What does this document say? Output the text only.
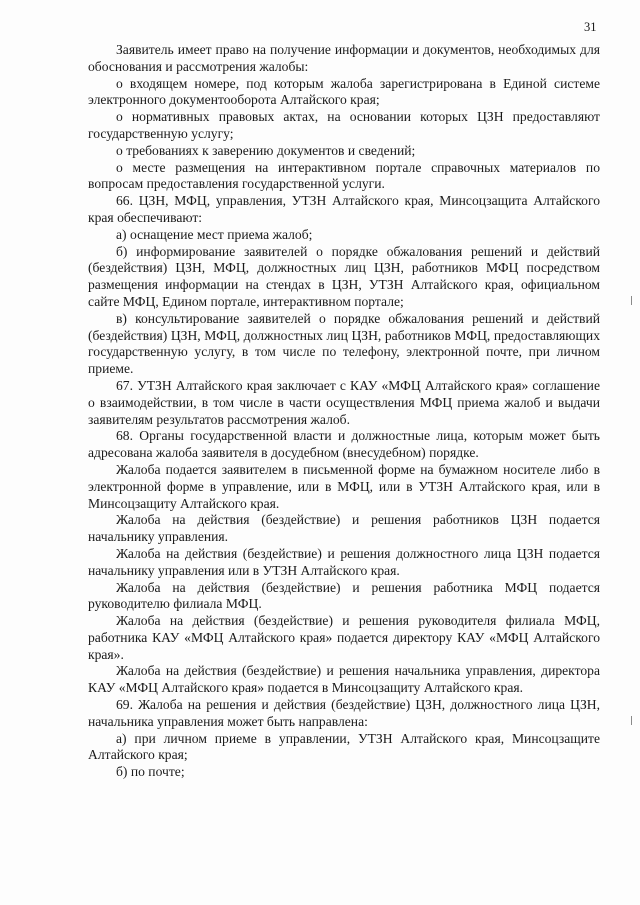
31

Заявитель имеет право на получение информации и документов, необходимых для обоснования и рассмотрения жалобы:

о входящем номере, под которым жалоба зарегистрирована в Единой системе электронного документооборота Алтайского края;

о нормативных правовых актах, на основании которых ЦЗН предоставляют государственную услугу;

о требованиях к заверению документов и сведений;

о месте размещения на интерактивном портале справочных материалов по вопросам предоставления государственной услуги.

66. ЦЗН, МФЦ, управления, УТЗН Алтайского края, Минсоцзащита Алтайского края обеспечивают:

а) оснащение мест приема жалоб;

б) информирование заявителей о порядке обжалования решений и действий (бездействия) ЦЗН, МФЦ, должностных лиц ЦЗН, работников МФЦ посредством размещения информации на стендах в ЦЗН, УТЗН Алтайского края, официальном сайте МФЦ, Едином портале, интерактивном портале;

в) консультирование заявителей о порядке обжалования решений и действий (бездействия) ЦЗН, МФЦ, должностных лиц ЦЗН, работников МФЦ, предоставляющих государственную услугу, в том числе по телефону, электронной почте, при личном приеме.

67. УТЗН Алтайского края заключает с КАУ «МФЦ Алтайского края» соглашение о взаимодействии, в том числе в части осуществления МФЦ приема жалоб и выдачи заявителям результатов рассмотрения жалоб.

68. Органы государственной власти и должностные лица, которым может быть адресована жалоба заявителя в досудебном (внесудебном) порядке.

Жалоба подается заявителем в письменной форме на бумажном носителе либо в электронной форме в управление, или в МФЦ, или в УТЗН Алтайского края, или в Минсоцзащиту Алтайского края.

Жалоба на действия (бездействие) и решения работников ЦЗН подается начальнику управления.

Жалоба на действия (бездействие) и решения должностного лица ЦЗН подается начальнику управления или в УТЗН Алтайского края.

Жалоба на действия (бездействие) и решения работника МФЦ подается руководителю филиала МФЦ.

Жалоба на действия (бездействие) и решения руководителя филиала МФЦ, работника КАУ «МФЦ Алтайского края» подается директору КАУ «МФЦ Алтайского края».

Жалоба на действия (бездействие) и решения начальника управления, директора КАУ «МФЦ Алтайского края» подается в Минсоцзащиту Алтайского края.

69. Жалоба на решения и действия (бездействие) ЦЗН, должностного лица ЦЗН, начальника управления может быть направлена:

а) при личном приеме в управлении, УТЗН Алтайского края, Минсоцзащите Алтайского края;

б) по почте;
